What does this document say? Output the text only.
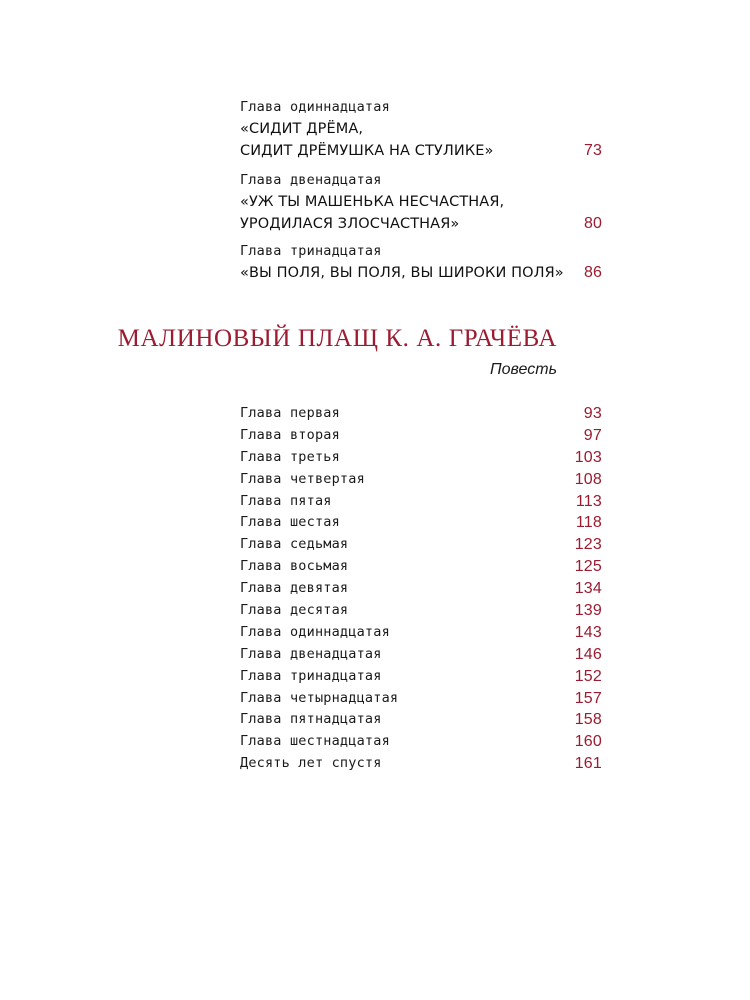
Глава одиннадцатая
«СИДИТ ДРЁМА,
СИДИТ ДРЁМУШКА НА СТУЛИКЕ»	73
Глава двенадцатая
«УЖ ТЫ МАШЕНЬКА НЕСЧАСТНАЯ,
УРОДИЛАСЯ ЗЛОСЧАСТНАЯ»	80
Глава тринадцатая
«ВЫ ПОЛЯ, ВЫ ПОЛЯ, ВЫ ШИРОКИ ПОЛЯ» 86
МАЛИНОВЫЙ ПЛАЩ К. А. ГРАЧЁВА
Повесть
Глава первая	93
Глава вторая	97
Глава третья	103
Глава четвертая	108
Глава пятая	113
Глава шестая	118
Глава седьмая	123
Глава восьмая	125
Глава девятая	134
Глава десятая	139
Глава одиннадцатая	143
Глава двенадцатая	146
Глава тринадцатая	152
Глава четырнадцатая	157
Глава пятнадцатая	158
Глава шестнадцатая	160
Десять лет спустя	161
